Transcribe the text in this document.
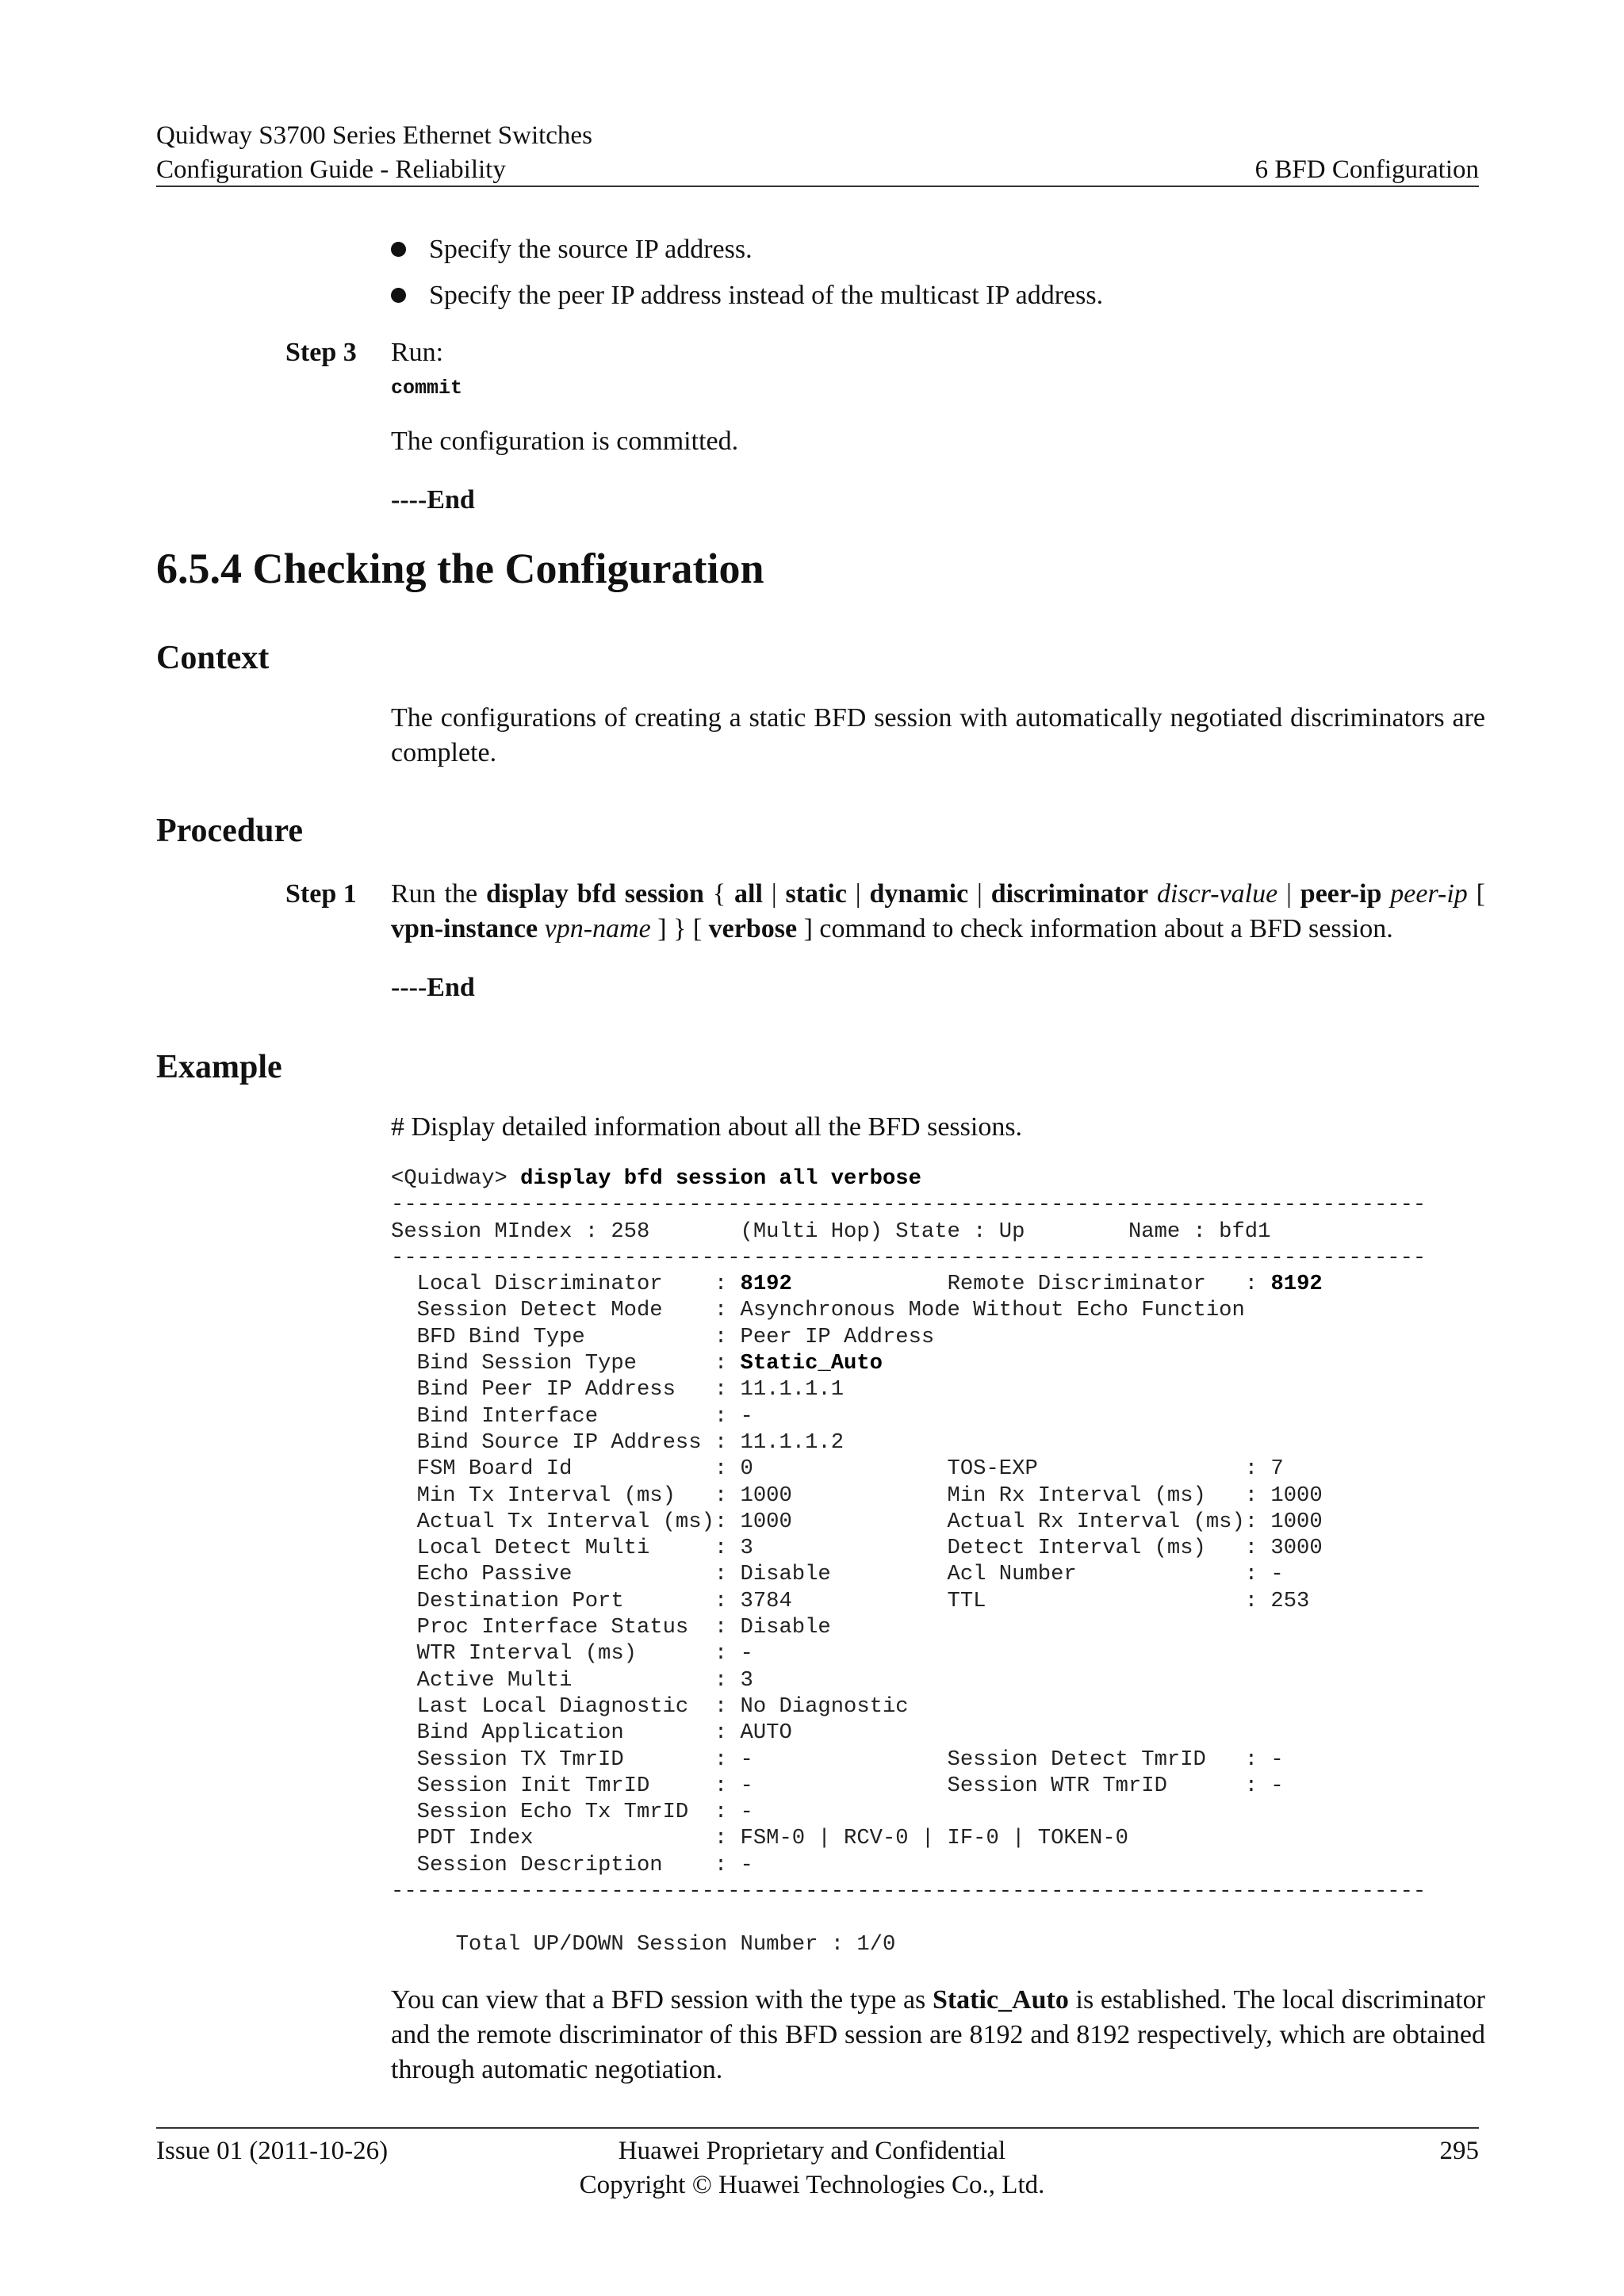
Quidway S3700 Series Ethernet Switches
Configuration Guide - Reliability	6 BFD Configuration
Specify the source IP address.
Specify the peer IP address instead of the multicast IP address.
Step 3 Run:
commit
The configuration is committed.
----End
6.5.4 Checking the Configuration
Context
The configurations of creating a static BFD session with automatically negotiated discriminators are complete.
Procedure
Step 1 Run the display bfd session { all | static | dynamic | discriminator discr-value | peer-ip peer-ip [ vpn-instance vpn-name ] } [ verbose ] command to check information about a BFD session.
----End
Example
# Display detailed information about all the BFD sessions.
<Quidway> display bfd session all verbose
--------------------------------------------------------------------------------
Session MIndex : 258       (Multi Hop) State : Up        Name : bfd1
--------------------------------------------------------------------------------
Local Discriminator    : 8192            Remote Discriminator   : 8192
Session Detect Mode    : Asynchronous Mode Without Echo Function
BFD Bind Type          : Peer IP Address
Bind Session Type      : Static_Auto
Bind Peer IP Address   : 11.1.1.1
Bind Interface         : -
Bind Source IP Address : 11.1.1.2
FSM Board Id           : 0               TOS-EXP                : 7
Min Tx Interval (ms)   : 1000            Min Rx Interval (ms)   : 1000
Actual Tx Interval (ms): 1000            Actual Rx Interval (ms): 1000
Local Detect Multi     : 3               Detect Interval (ms)   : 3000
Echo Passive           : Disable         Acl Number             : -
Destination Port       : 3784            TTL                    : 253
Proc Interface Status  : Disable
WTR Interval (ms)      : -
Active Multi           : 3
Last Local Diagnostic  : No Diagnostic
Bind Application       : AUTO
Session TX TmrID       : -               Session Detect TmrID   : -
Session Init TmrID     : -               Session WTR TmrID      : -
Session Echo Tx TmrID  : -
PDT Index              : FSM-0 | RCV-0 | IF-0 | TOKEN-0
Session Description    : -
--------------------------------------------------------------------------------

Total UP/DOWN Session Number : 1/0
You can view that a BFD session with the type as Static_Auto is established. The local discriminator and the remote discriminator of this BFD session are 8192 and 8192 respectively, which are obtained through automatic negotiation.
Issue 01 (2011-10-26)	Huawei Proprietary and Confidential
Copyright © Huawei Technologies Co., Ltd.
295
